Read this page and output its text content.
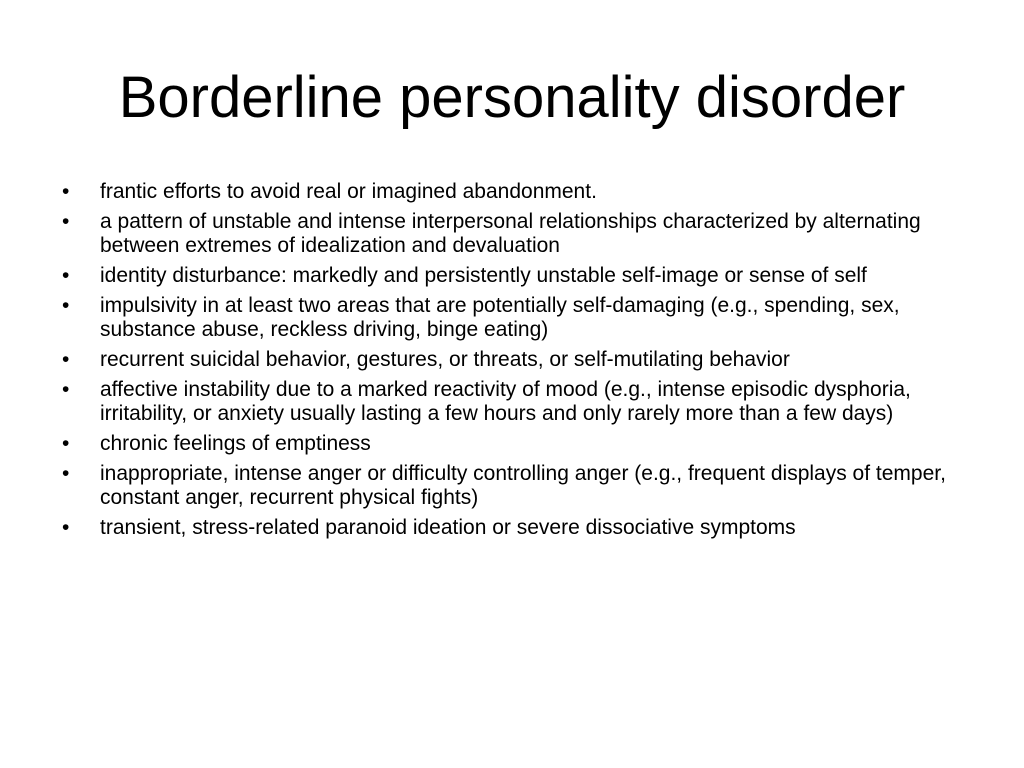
Borderline personality disorder
•	frantic efforts to avoid real or imagined abandonment.
•	a pattern of unstable and intense interpersonal relationships characterized by alternating between extremes of idealization and devaluation
•	identity disturbance: markedly and persistently unstable self-image or sense of self
•	impulsivity in at least two areas that are potentially self-damaging (e.g., spending, sex, substance abuse, reckless driving, binge eating)
•	recurrent suicidal behavior, gestures, or threats, or self-mutilating behavior
•	affective instability due to a marked reactivity of mood (e.g., intense episodic dysphoria, irritability, or anxiety usually lasting a few hours and only rarely more than a few days)
•	chronic feelings of emptiness
•	inappropriate, intense anger or difficulty controlling anger (e.g., frequent displays of temper, constant anger, recurrent physical fights)
•	transient, stress-related paranoid ideation or severe dissociative symptoms
